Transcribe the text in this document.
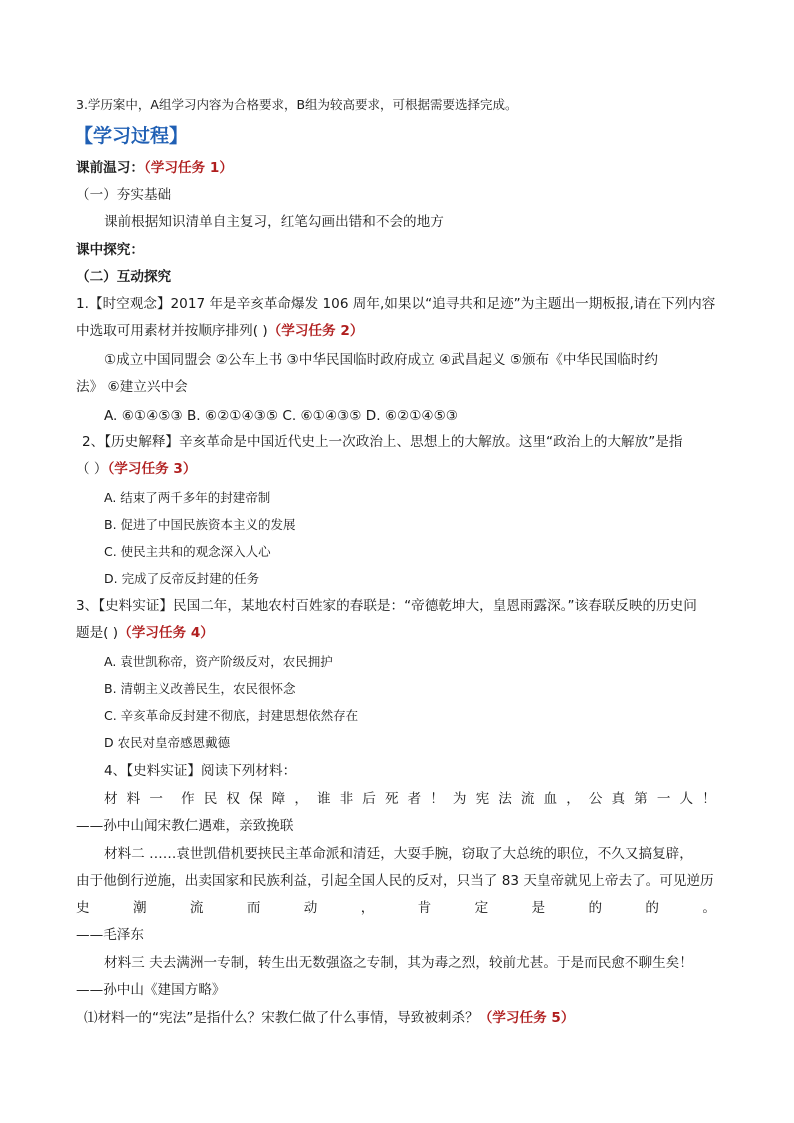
3.学历案中，A组学习内容为合格要求，B组为较高要求，可根据需要选择完成。
【学习过程】
课前温习：（学习任务 1）
（一）夯实基础
课前根据知识清单自主复习，红笔勾画出错和不会的地方
课中探究：
（二）互动探究
1.【时空观念】2017 年是辛亥革命爆发 106 周年,如果以“追寻共和足迹”为主题出一期板报,请在下列内容
中选取可用素材并按顺序排列( )（学习任务 2）
①成立中国同盟会 ②公车上书 ③中华民国临时政府成立 ④武昌起义 ⑤颁布《中华民国临时约
法》 ⑥建立兴中会
A. ⑥①④⑤③ B. ⑥②①④③⑤ C. ⑥①④③⑤ D. ⑥②①④⑤③
2、【历史解释】辛亥革命是中国近代史上一次政治上、思想上的大解放。这里“政治上的大解放”是指
（ ）（学习任务 3）
A. 结束了两千多年的封建帝制
B. 促进了中国民族资本主义的发展
C. 使民主共和的观念深入人心
D. 完成了反帝反封建的任务
3、【史料实证】民国二年，某地农村百姓家的春联是：“帝德乾坤大，皇恩雨露深。”该春联反映的历史问
题是( )（学习任务 4）
A. 袁世凯称帝，资产阶级反对，农民拥护
B. 清朝主义改善民生，农民很怀念
C. 辛亥革命反封建不彻底，封建思想依然存在
D 农民对皇帝感恩戴德
4、【史料实证】阅读下列材料：
材 料 一 作 民 权 保 障 ， 谁 非 后 死 者 ！ 为 宪 法 流 血 ， 公 真 第 一 人 ！
——孙中山闻宋教仁遇难，亲致挽联
材料二 ……袁世凯借机要挟民主革命派和清廷，大耍手腕，窃取了大总统的职位，不久又搞复辟，
由于他倒行逆施，出卖国家和民族利益，引起全国人民的反对，只当了 83 天皇帝就见上帝去了。可见逆历
史	潮	流	而	动	，	肯	定	是	的	的	。
——毛泽东
材料三 夫去满洲一专制，转生出无数强盗之专制，其为毒之烈，较前尤甚。于是而民愈不聊生矣！
——孙中山《建国方略》
⑴材料一的“宪法”是指什么？宋教仁做了什么事情，导致被刺杀？（学习任务 5）
